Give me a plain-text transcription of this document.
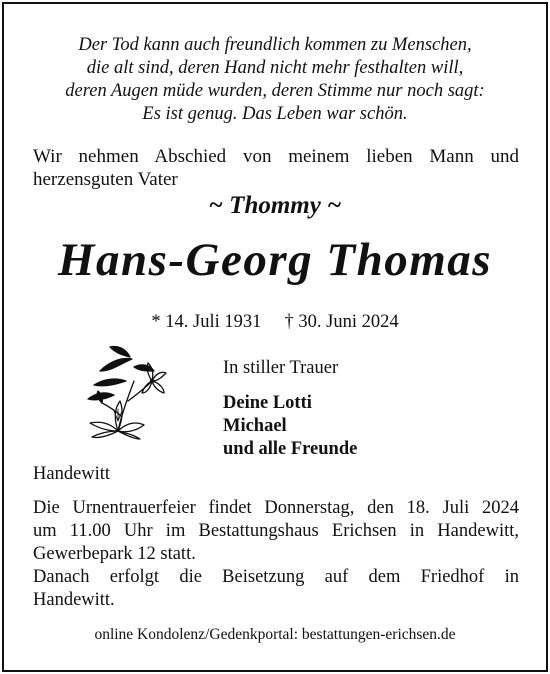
Der Tod kann auch freundlich kommen zu Menschen,
die alt sind, deren Hand nicht mehr festhalten will,
deren Augen müde wurden, deren Stimme nur noch sagt:
Es ist genug. Das Leben war schön.
Wir nehmen Abschied von meinem lieben Mann und herzensguten Vater
~ Thommy ~
Hans-Georg Thomas
* 14. Juli 1931 † 30. Juni 2024
In stiller Trauer
Deine Lotti
Michael
und alle Freunde
Handewitt
Die Urnentrauerfeier findet Donnerstag, den 18. Juli 2024
um 11.00 Uhr im Bestattungshaus Erichsen in Handewitt,
Gewerbepark 12 statt.
Danach erfolgt die Beisetzung auf dem Friedhof in
Handewitt.
online Kondolenz/Gedenkportal: bestattungen-erichsen.de
